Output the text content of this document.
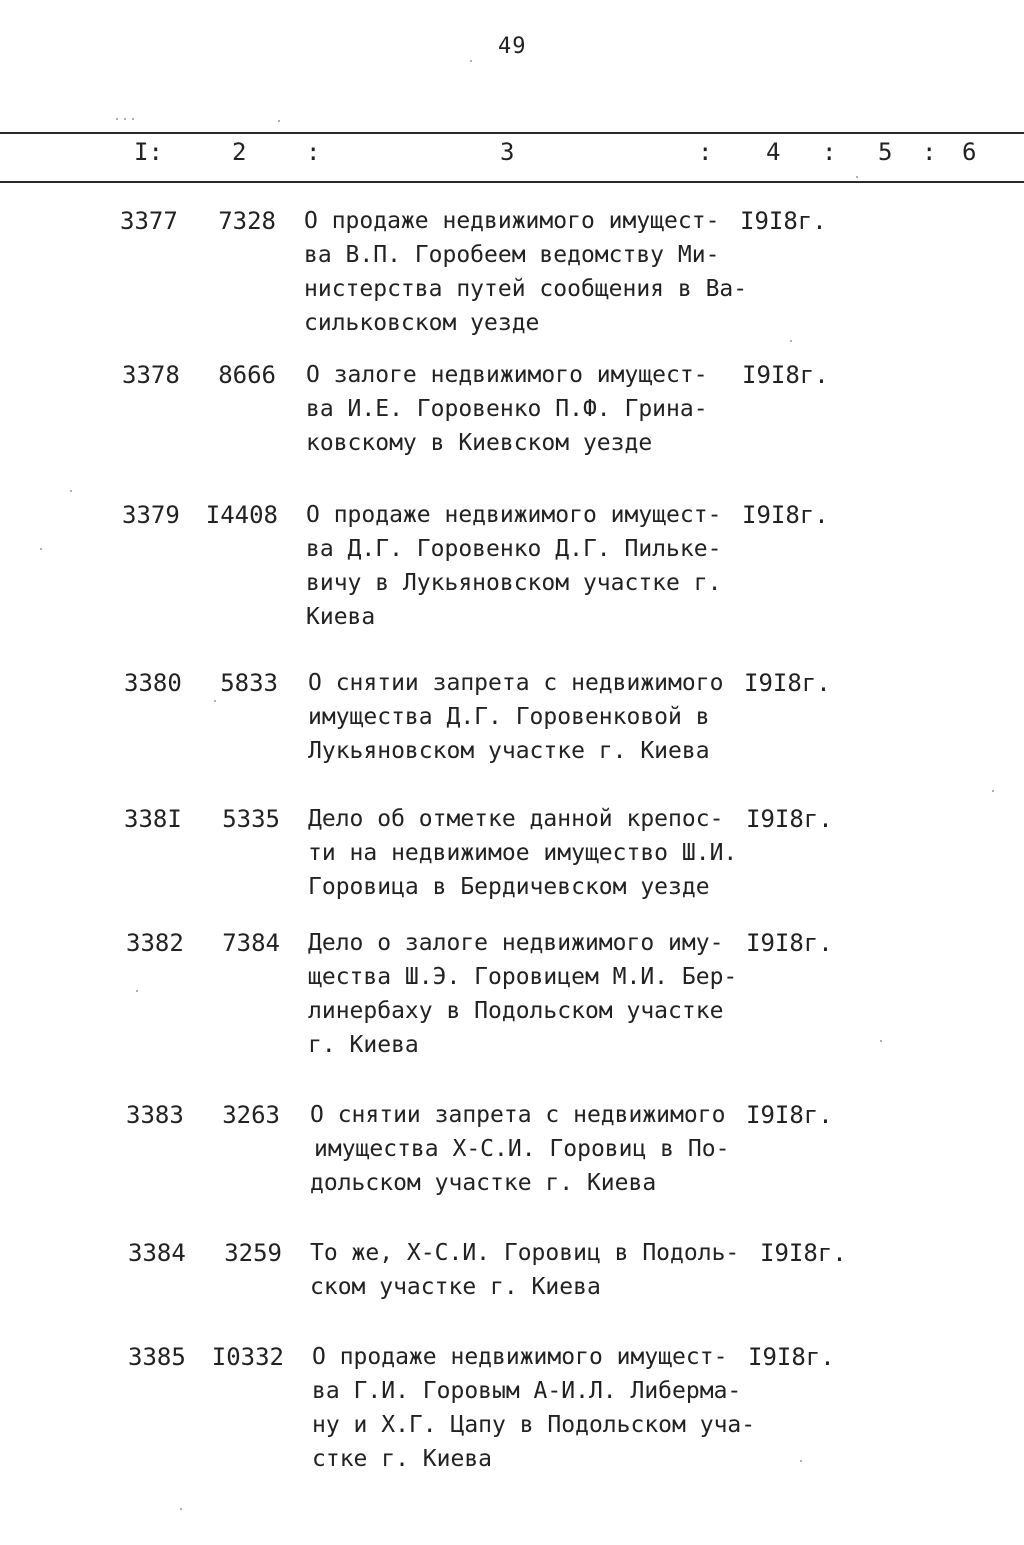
49
I:	2 :	3	: 4 : 5 : 6
3377	7328 О продаже недвижимого имущест-
ва В.П. Горобеем ведомству Ми-
нистерства путей сообщения в Ва-
сильковском уезде
I9I8г.
3378	8666 О залоге недвижимого имущест-
ва И.Е. Горовенко П.Ф. Грина-
ковскому в Киевском уезде
I9I8г.
3379	I4408 О продаже недвижимого имущест-
ва Д.Г. Горовенко Д.Г. Пильке-
вичу в Лукьяновском участке г.
Киева
I9I8г.
3380	5833 О снятии запрета с недвижимого
имущества Д.Г. Горовенковой в
Лукьяновском участке г. Киева
I9I8г.
338I	5335 Дело об отметке данной крепос-
ти на недвижимое имущество Ш.И.
Горовица в Бердичевском уезде
I9I8г.
3382	7384 Дело о залоге недвижимого иму-
щества Ш.Э. Горовицем М.И. Бер-
линербаху в Подольском участке
г. Киева
I9I8г.
3383	3263 О снятии запрета с недвижимого
имущества Х-С.И. Горовиц в По-
дольском участке г. Киева
I9I8г.
3384	3259 То же, Х-С.И. Горовиц в Подоль-
ском участке г. Киева
I9I8г.
3385	I0332 О продаже недвижимого имущест-
ва Г.И. Горовым А-И.Л. Либерма-
ну и Х.Г. Цапу в Подольском уча-
стке г. Киева
I9I8г.
